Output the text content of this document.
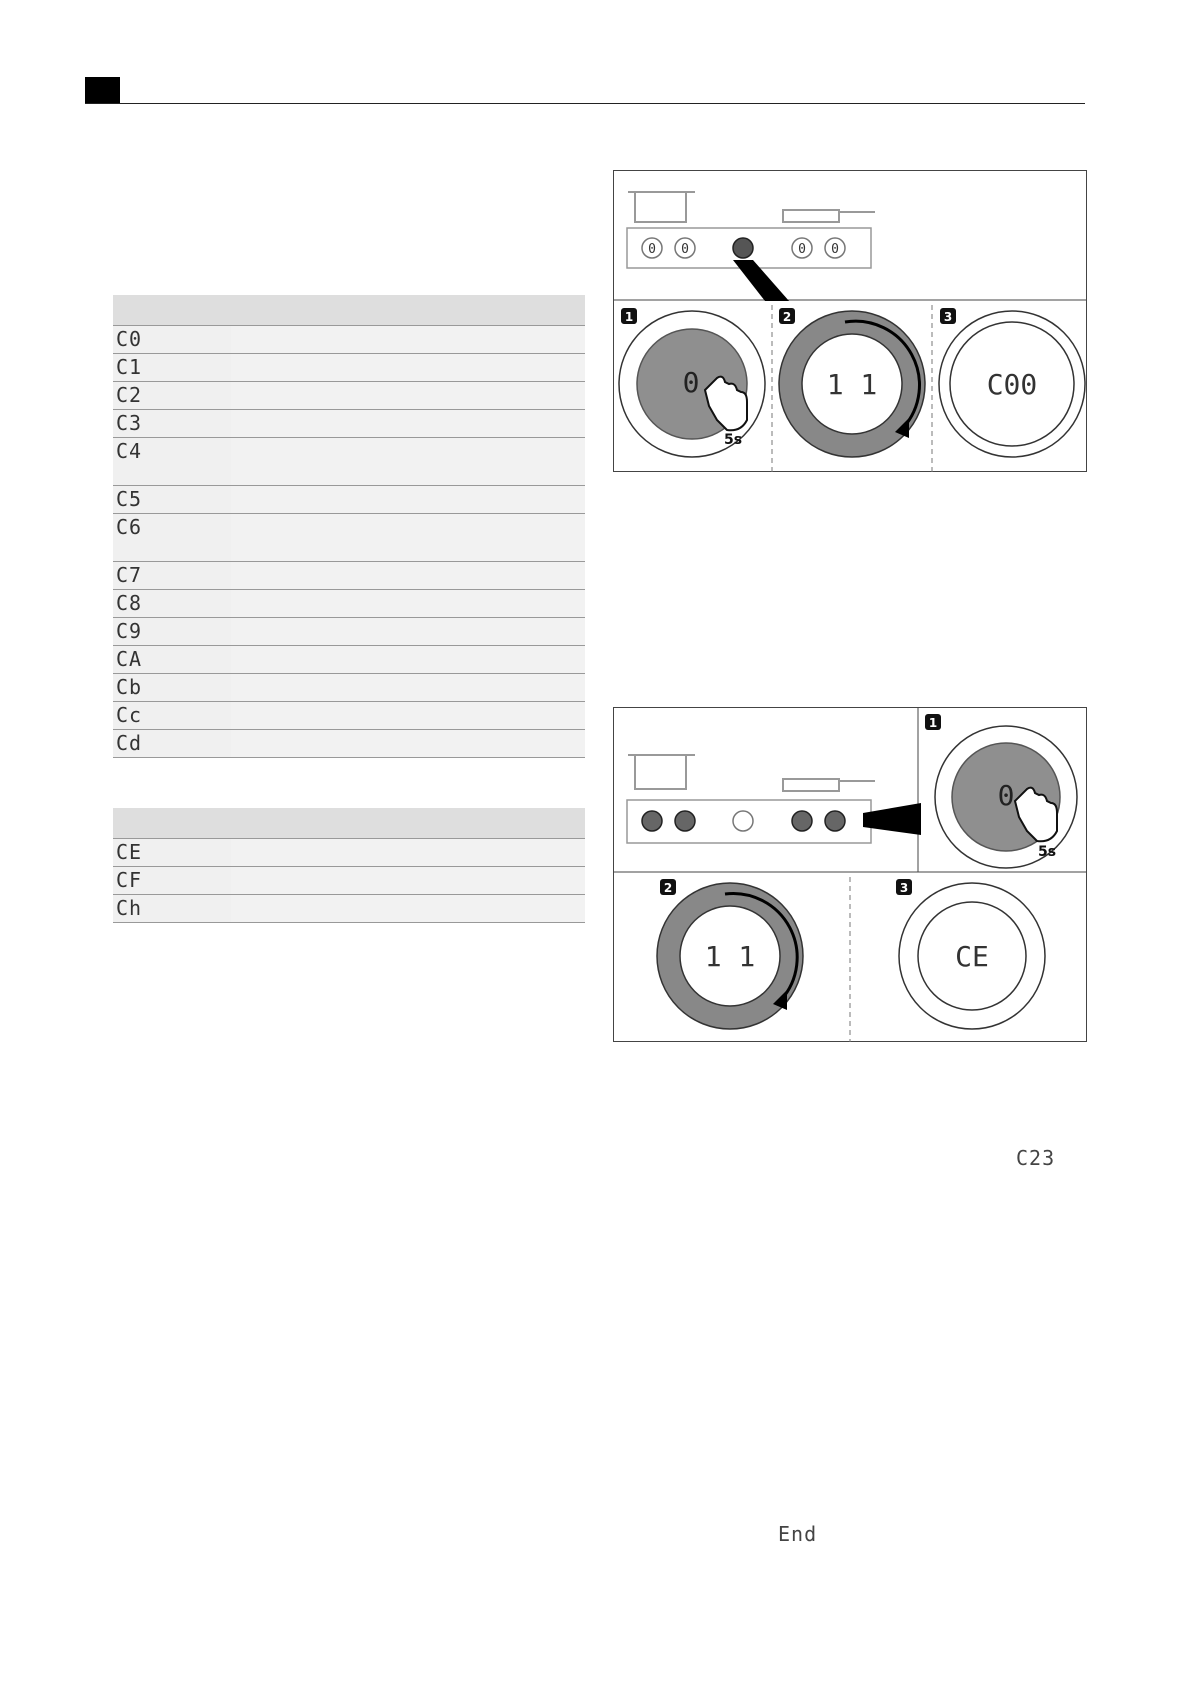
C0	
C1	
C2	
C3	
C4	
C5	
C6	
C7	
C8	
C9	
CA	
Cb	
Cc	
Cd	

CE	
CF	
Ch	
0 0	0 0
1
0
5s
2
1 1
3
C00
1
0
5s
2
1 1
3
CE
C23
End
